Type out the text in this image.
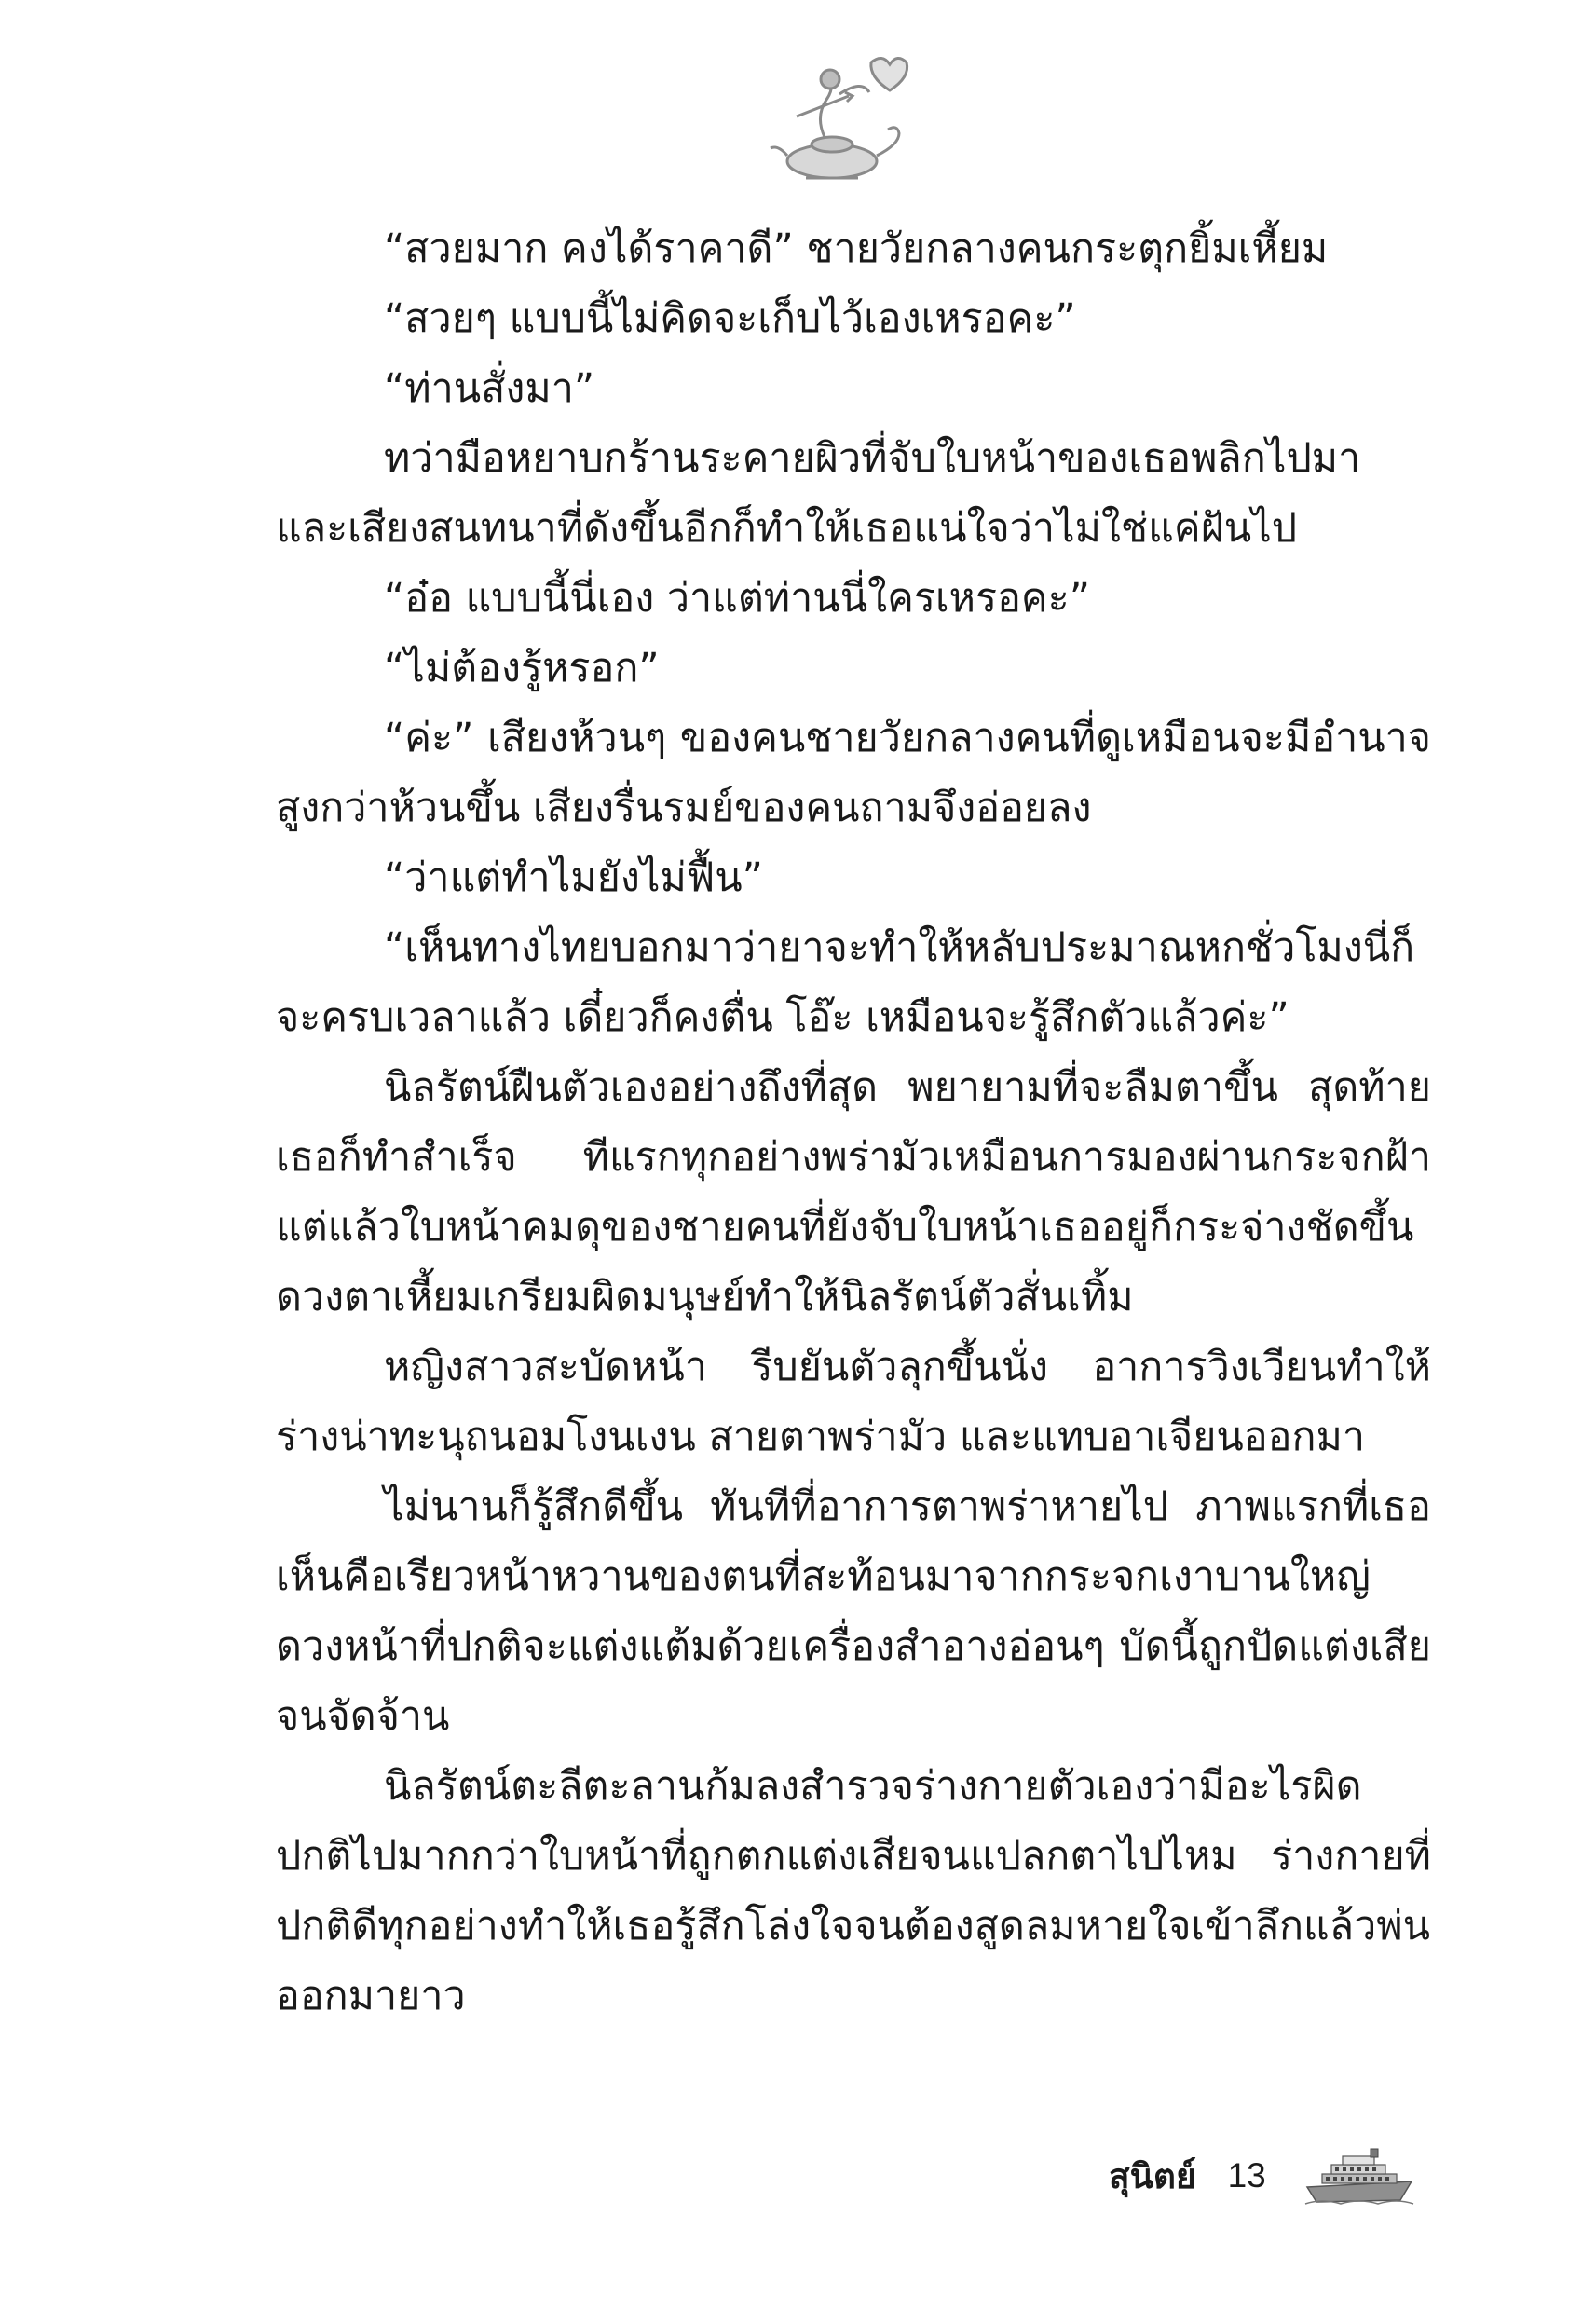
“สวยมาก คงได้ราคาดี” ชายวัยกลางคนกระตุกยิ้มเหี้ยม

“สวยๆ แบบนี้ไม่คิดจะเก็บไว้เองเหรอคะ”

“ท่านสั่งมา”

ทว่ามือหยาบกร้านระคายผิวที่จับใบหน้าของเธอพลิกไปมา และเสียงสนทนาที่ดังขึ้นอีกก็ทำให้เธอแน่ใจว่าไม่ใช่แค่ฝันไป

“อ๋อ แบบนี้นี่เอง ว่าแต่ท่านนี่ใครเหรอคะ”

“ไม่ต้องรู้หรอก”

“ค่ะ” เสียงห้วนๆ ของคนชายวัยกลางคนที่ดูเหมือนจะมีอำนาจสูงกว่าห้วนขึ้น เสียงรื่นรมย์ของคนถามจึงอ่อยลง

“ว่าแต่ทำไมยังไม่ฟื้น”

“เห็นทางไทยบอกมาว่ายาจะทำให้หลับประมาณหกชั่วโมงนี่ก็จะครบเวลาแล้ว เดี๋ยวก็คงตื่น โอ๊ะ เหมือนจะรู้สึกตัวแล้วค่ะ”

นิลรัตน์ฝืนตัวเองอย่างถึงที่สุด พยายามที่จะลืมตาขึ้น สุดท้ายเธอก็ทำสำเร็จ ทีแรกทุกอย่างพร่ามัวเหมือนการมองผ่านกระจกฝ้า แต่แล้วใบหน้าคมดุของชายคนที่ยังจับใบหน้าเธออยู่ก็กระจ่างชัดขึ้นดวงตาเหี้ยมเกรียมผิดมนุษย์ทำให้นิลรัตน์ตัวสั่นเทิ้ม

หญิงสาวสะบัดหน้า รีบยันตัวลุกขึ้นนั่ง อาการวิงเวียนทำให้ร่างน่าทะนุถนอมโงนเงน สายตาพร่ามัว และแทบอาเจียนออกมา

ไม่นานก็รู้สึกดีขึ้น ทันทีที่อาการตาพร่าหายไป ภาพแรกที่เธอเห็นคือเรียวหน้าหวานของตนที่สะท้อนมาจากกระจกเงาบานใหญ่ดวงหน้าที่ปกติจะแต่งแต้มด้วยเครื่องสำอางอ่อนๆ บัดนี้ถูกปัดแต่งเสียจนจัดจ้าน

นิลรัตน์ตะลีตะลานก้มลงสำรวจร่างกายตัวเองว่ามีอะไรผิดปกติไปมากกว่าใบหน้าที่ถูกตกแต่งเสียจนแปลกตาไปไหม ร่างกายที่ปกติดีทุกอย่างทำให้เธอรู้สึกโล่งใจจนต้องสูดลมหายใจเข้าลึกแล้วพ่นออกมายาว

สุนิตย์ 13
